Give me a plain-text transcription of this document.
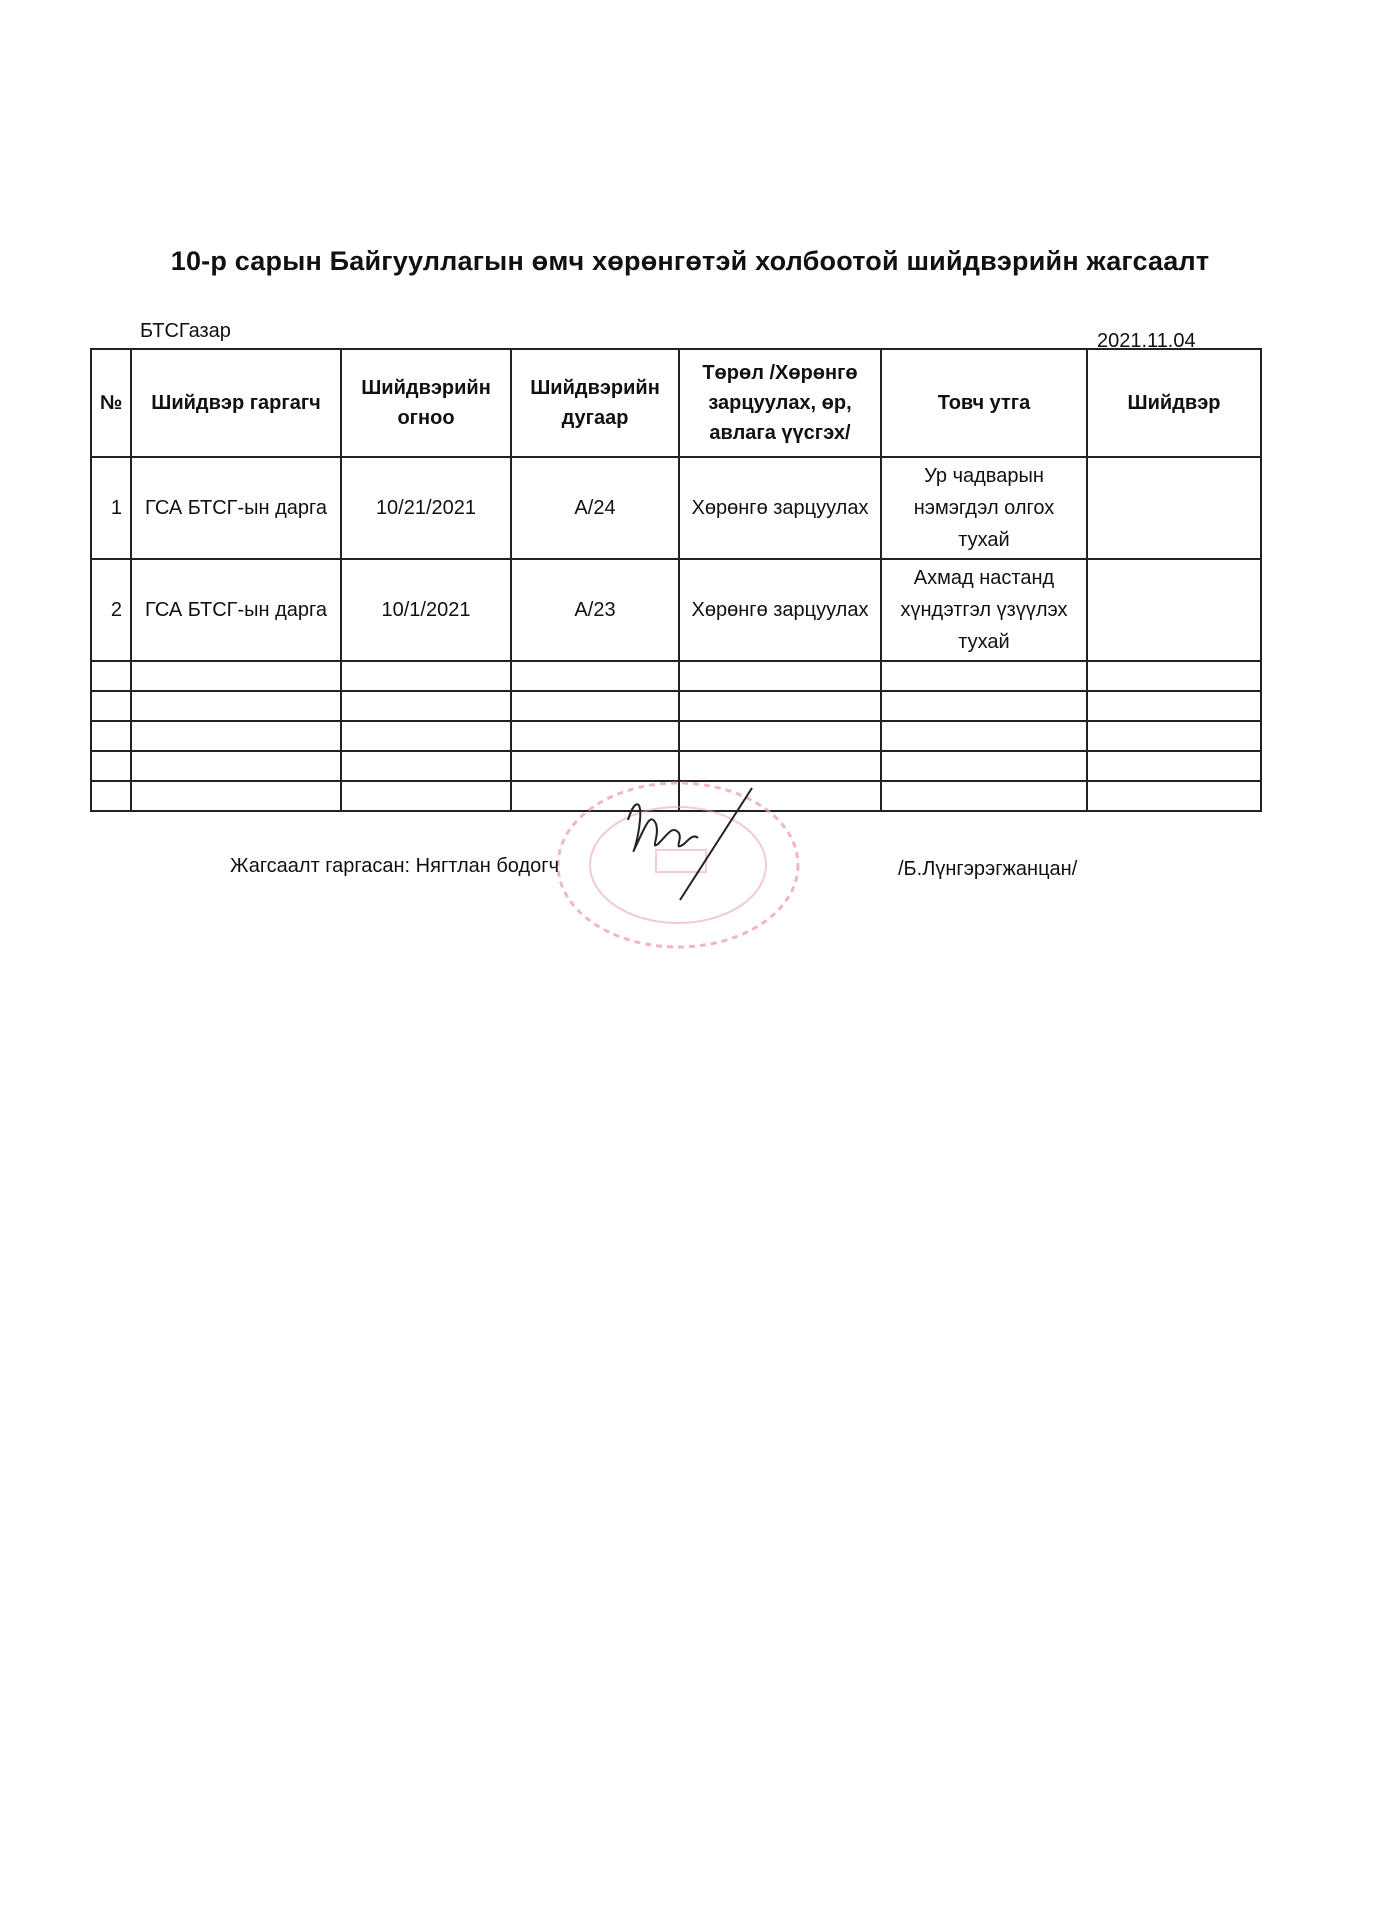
10-р сарын Байгууллагын өмч хөрөнгөтэй холбоотой шийдвэрийн жагсаалт
БТСГазар	2021.11.04
№	Шийдвэр гаргагч	Шийдвэрийн огноо	Шийдвэрийн дугаар	Төрөл /Хөрөнгө зарцуулах, өр, авлага үүсгэх/	Товч утга	Шийдвэр
1	ГСА БТСГ-ын дарга	10/21/2021	А/24	Хөрөнгө зарцуулах	Ур чадварын нэмэгдэл олгох тухай	
2	ГСА БТСГ-ын дарга	10/1/2021	А/23	Хөрөнгө зарцуулах	Ахмад настанд хүндэтгэл үзүүлэх тухай	

Жагсаалт гаргасан: Нягтлан бодогч	/Б.Лүнгэрэгжанцан/
